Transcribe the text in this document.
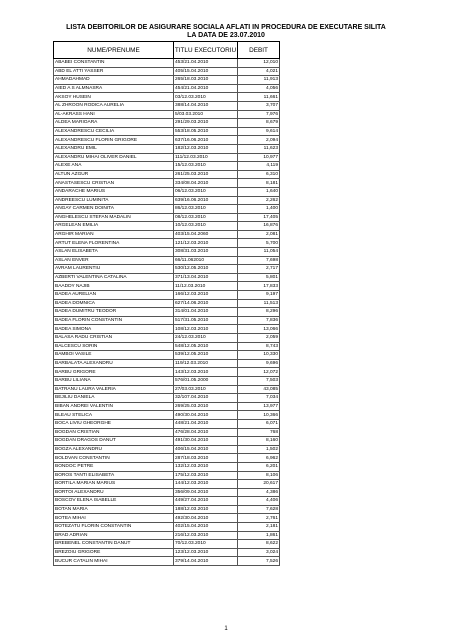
LISTA DEBITORILOR DE ASIGURARE SOCIALA AFLATI IN PROCEDURA DE EXECUTARE SILITA
LA DATA DE 23.07.2010
NUME/PRENUME	TITLU EXECUTORIU	DEBIT
ABABEI CONSTANTIN	453/21.04.2010	12,010
ABD EL ATTI YASSER	405/15.04.2010	4,021
AHMADAHMAD	265/18.03.2010	11,913
AIED A S ALMNASRA	454/21.04.2010	4,056
AKSOY HUSEIN	03/12.03.2010	11,661
AL ZHROON RODICA AURELIA	388/14.04.2010	3,707
AL-AKRASS HANI	5/03.03.2010	7,976
ALDEA MARIOARA	291/29.03.2010	8,679
ALEXANDRESCU CECILIA	553/18.05.2010	9,614
ALEXANDRESCU FLORIN GRIGORE	637/16.06.2010	2,094
ALEXANDRU EMIL	182/12.03.2010	11,623
ALEXANDRU MIHAI OLIVER DANIEL	111/12.03.2010	10,977
ALEXE ANA	15/12.03.2010	4,119
ALTUN AZGUR	261/25.03.2010	6,310
ANASTASESCU CRISTIAN	334/08.04.2010	8,181
ANDARACHE MARIUS	06/12.03.2010	1,640
ANDREESCU LUMINITA	639/16.06.2010	2,262
ANGAY CARMEN DOINITA	86/12.03.2010	1,400
ANGHELESCU STEFAN MADALIN	08/12.03.2010	17,405
ARGELEAN EMILIA	10/12.03.2010	16,876
ARGHIR MARIAN	403/15.04.2060	2,081
ARTUT ELENA FLORENTINA	121/12.03.2010	5,700
ASLAN ELISABETA	308/31.03.2010	11,054
ASLAN ENVER	66/11.062010	7,698
AVRAM LAURENTIU	530/12.05.2010	2,717
AZBERTI VALENTINA CATALINA	371/13.04.2010	5,801
BAADDY NAJIB	11/12.03.2010	17,833
BADEA AURELIAN	166/12.03.2010	9,197
BADEA DOMNICA	627/14.06.2010	11,513
BADEA DUMITRU TEODOR	314/01.04.2010	8,296
BADEA FLORIN CONSTANTIN	517/31.05.2010	7,836
BADEA SIMONA	108/12.03.2010	13,066
BALASA RADU CRISTIAN	24/12.03.2010	2,059
BALCESCU SORIN	548/12.05.2010	8,743
BAMBOI VASILE	539/12.05.2010	10,330
BARBALATA ALEXANDRU	119/12.03.2010	9,696
BARBU GRIGORE	143/12.03.2010	12,072
BARBU LILIANA	576/01.05.2000	7,503
BATRANU LAURA VALERIA	27/03.03.2010	43,085
BEJILIU DANIELA	32/107.04.2010	7,034
BIBAN ANDREI VALENTIN	269/25.03.2010	13,977
BLEAU STELICA	490/30.04.2010	10,366
BOCA LIVIU GHEORGHE	448/21.04.2010	6,071
BOGDAN CRISTIAN	476/28.04.2010	768
BOGDAN DRAGOS DANUT	491/30.04.2010	8,160
BOGZA ALEXANDRU	406/15.04.2010	1,502
BOLDVAN CONSTANTIN	287/18.03.2010	6,962
BONDOC PETRE	132/12.03.2010	6,201
BOROS TANTI ELISABETA	175/12.03.2010	8,106
BORTILA MARIAN MARIUS	144/12.03.2010	20,617
BORTOI ALEXANDRU	356/09.04.2010	4,386
BOSCOV ELENA ISABELLE	449/27.04.2010	4,406
BOTAN MARIA	188/12.03.2010	7,628
BOTEA MIHAI	492/30.04.2010	2,761
BOTEZATU FLORIN CONSTANTIN	402/15.04.2010	2,181
BRAD ADRIAN	216/12.03.2010	1,861
BREBENEL CONSTANTIN DANUT	70/12.03.2010	8,622
BREZOIU GRIGORE	123/12.03.2010	3,024
BUCUR CATALIN MIHAI	379/14.04.2010	7,526
1
